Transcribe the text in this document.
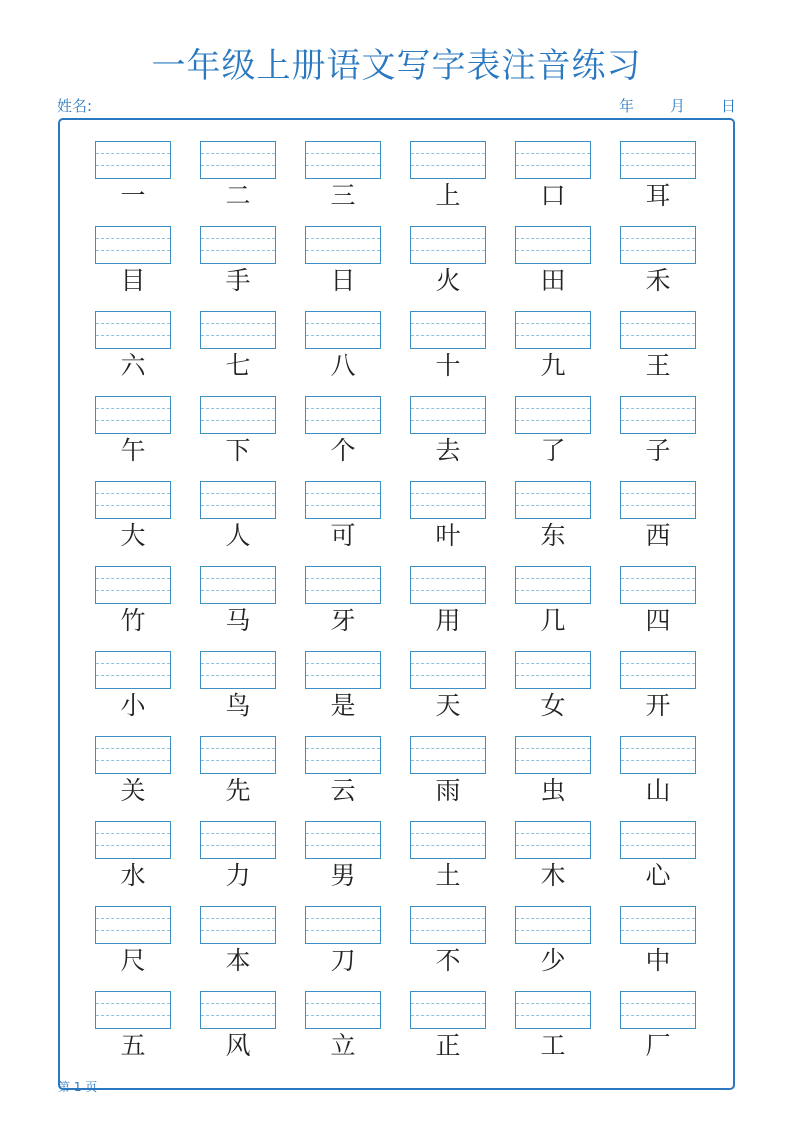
一年级上册语文写字表注音练习
姓名:	年 月 日
一	二	三	上	口	耳
目	手	日	火	田	禾
六	七	八	十	九	王
午	下	个	去	了	子
大	人	可	叶	东	西
竹	马	牙	用	几	四
小	鸟	是	天	女	开
关	先	云	雨	虫	山
水	力	男	土	木	心
尺	本	刀	不	少	中
五	风	立	正	工	厂
第 1 页
